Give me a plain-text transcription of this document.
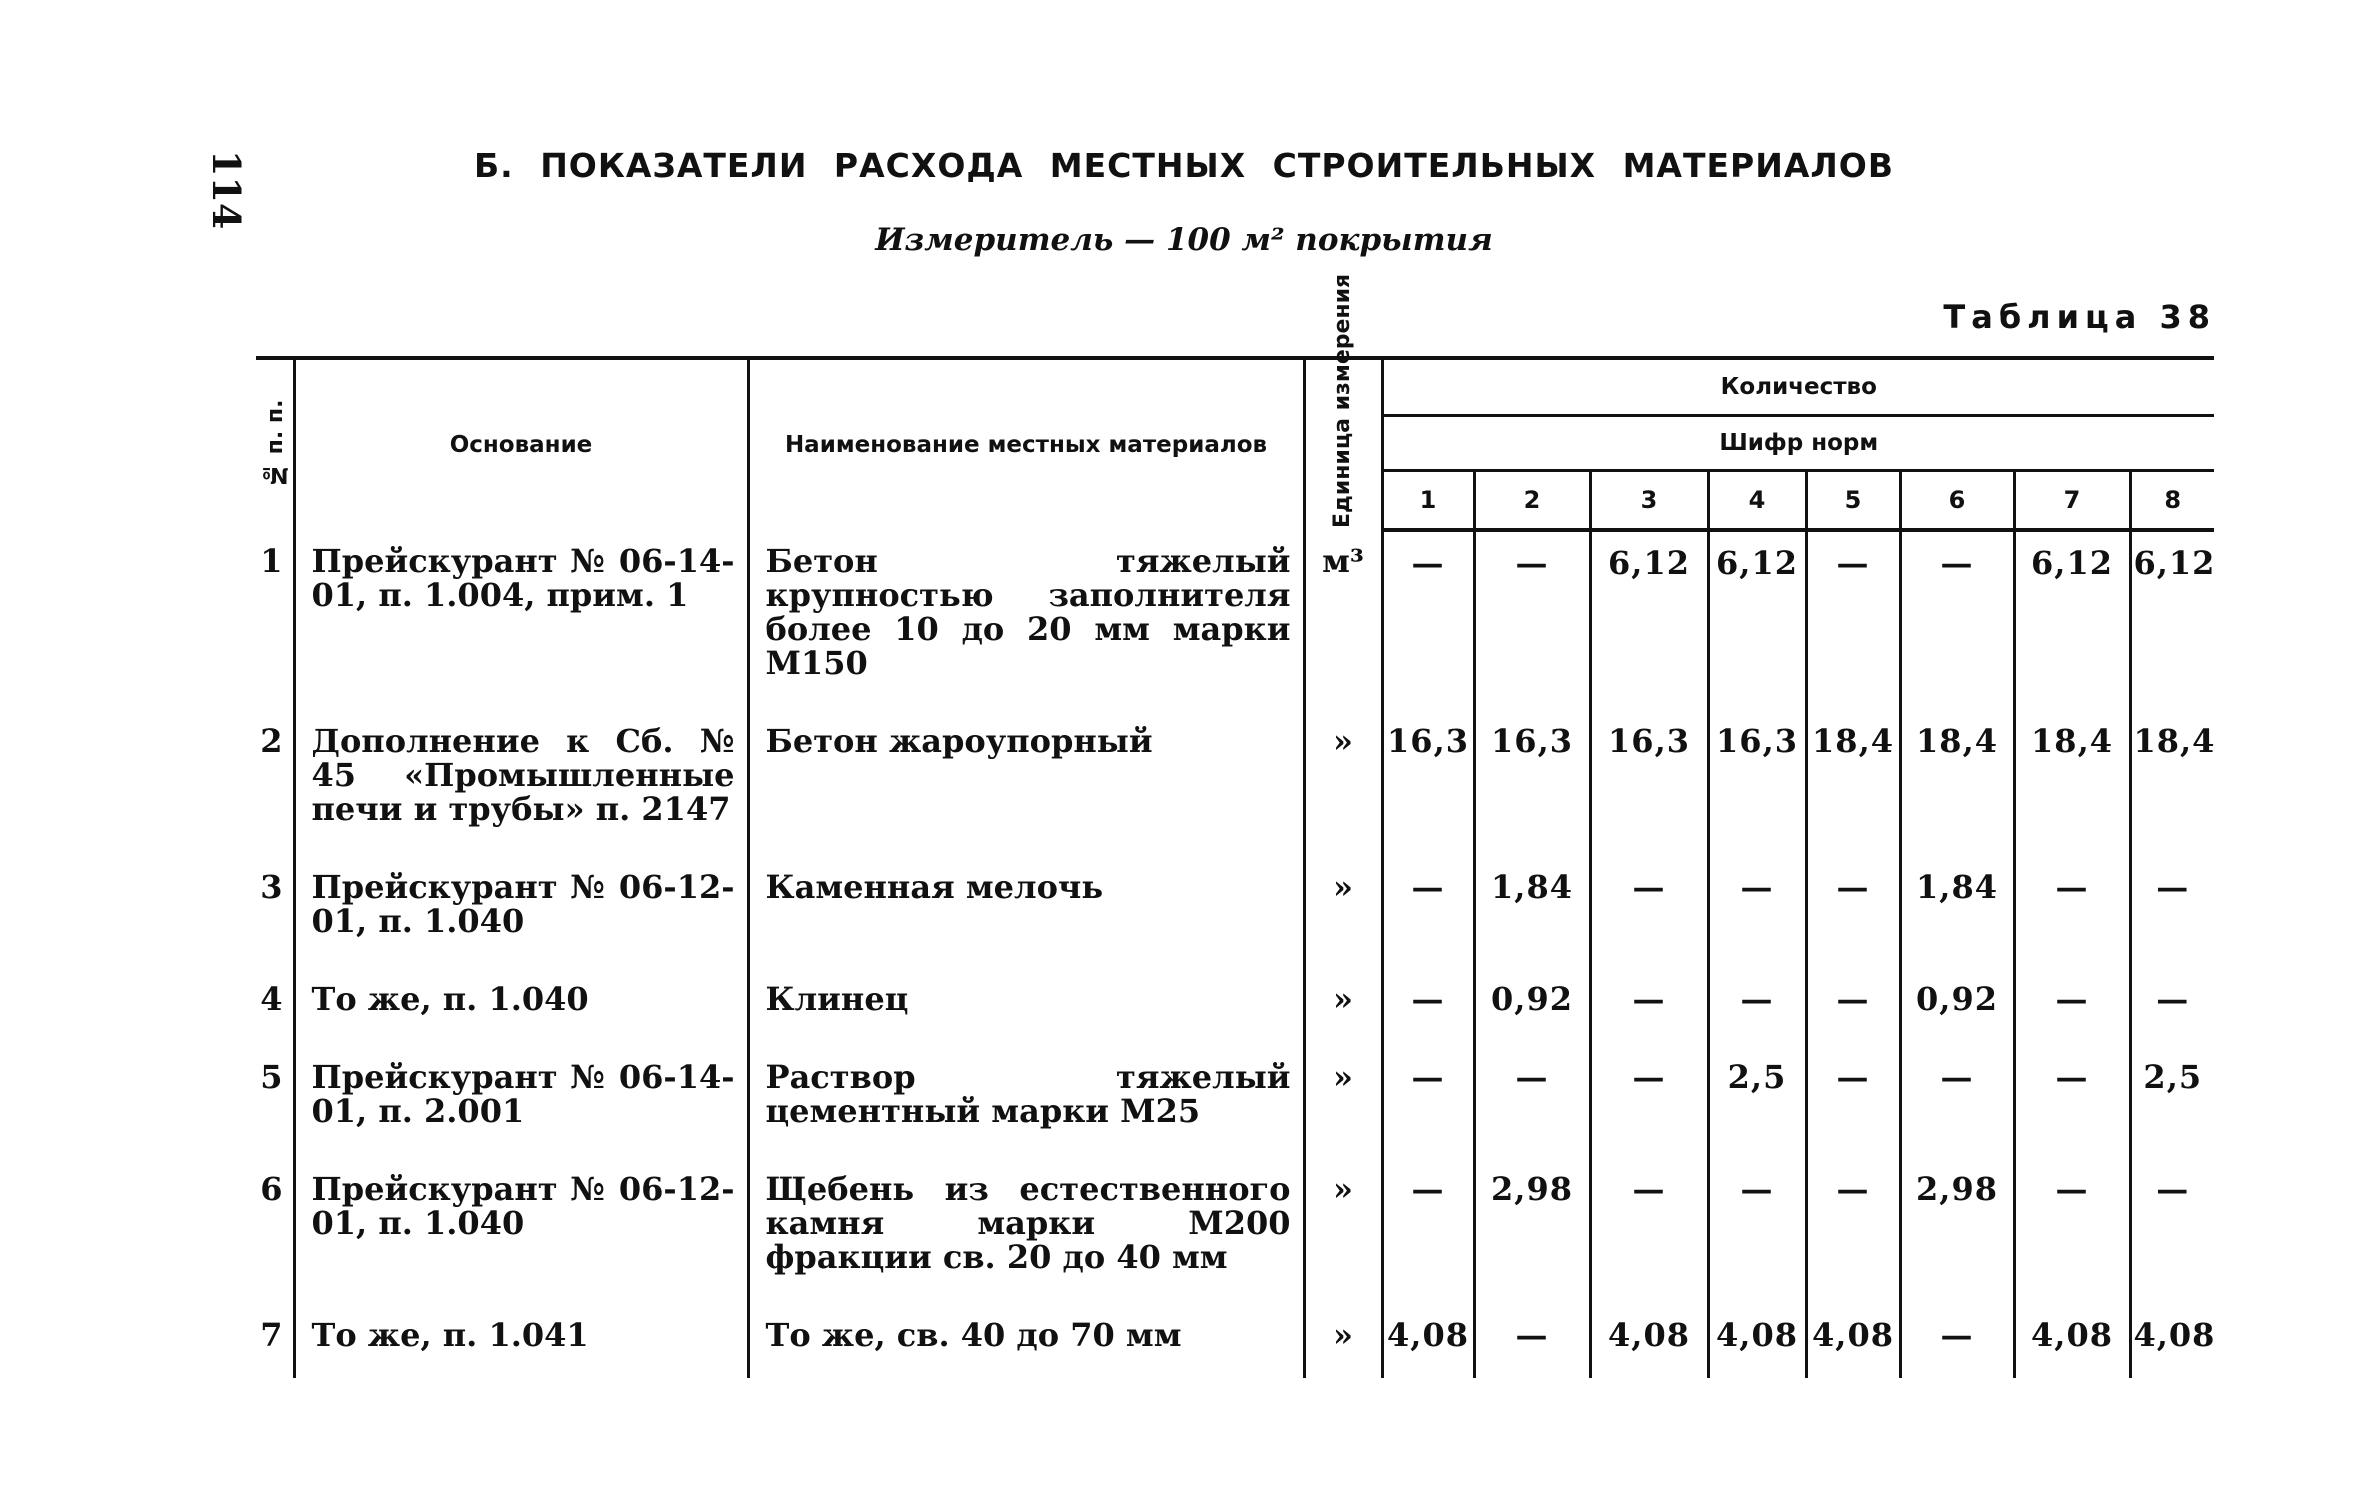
114	Б. ПОКАЗАТЕЛИ РАСХОДА МЕСТНЫХ СТРОИТЕЛЬНЫХ МАТЕРИАЛОВ
Измеритель — 100 м² покрытия
Таблица 38
№ п. п.	Основание	Наименование местных материалов	Единица измерения	Количество							
				Шифр норм							
				1	2	3	4	5	6	7	8
1	Прейскурант № 06-14-01, п. 1.004, прим. 1	Бетон тяжелый крупностью заполнителя более 10 до 20 мм марки М150	м³	—	—	6,12	6,12	—	—	6,12	6,12
2	Дополнение к Сб. № 45 «Промышленные печи и трубы» п. 2147	Бетон жароупорный	»	16,3	16,3	16,3	16,3	18,4	18,4	18,4	18,4
3	Прейскурант № 06-12-01, п. 1.040	Каменная мелочь	»	—	1,84	—	—	—	1,84	—	—
4	То же, п. 1.040	Клинец	»	—	0,92	—	—	—	0,92	—	—
5	Прейскурант № 06-14-01, п. 2.001	Раствор тяжелый цементный марки М25	»	—	—	—	2,5	—	—	—	2,5
6	Прейскурант № 06-12-01, п. 1.040	Щебень из естественного камня марки М200 фракции св. 20 до 40 мм	»	—	2,98	—	—	—	2,98	—	—
7	То же, п. 1.041	То же, св. 40 до 70 мм	»	4,08	—	4,08	4,08	4,08	—	4,08	4,08
